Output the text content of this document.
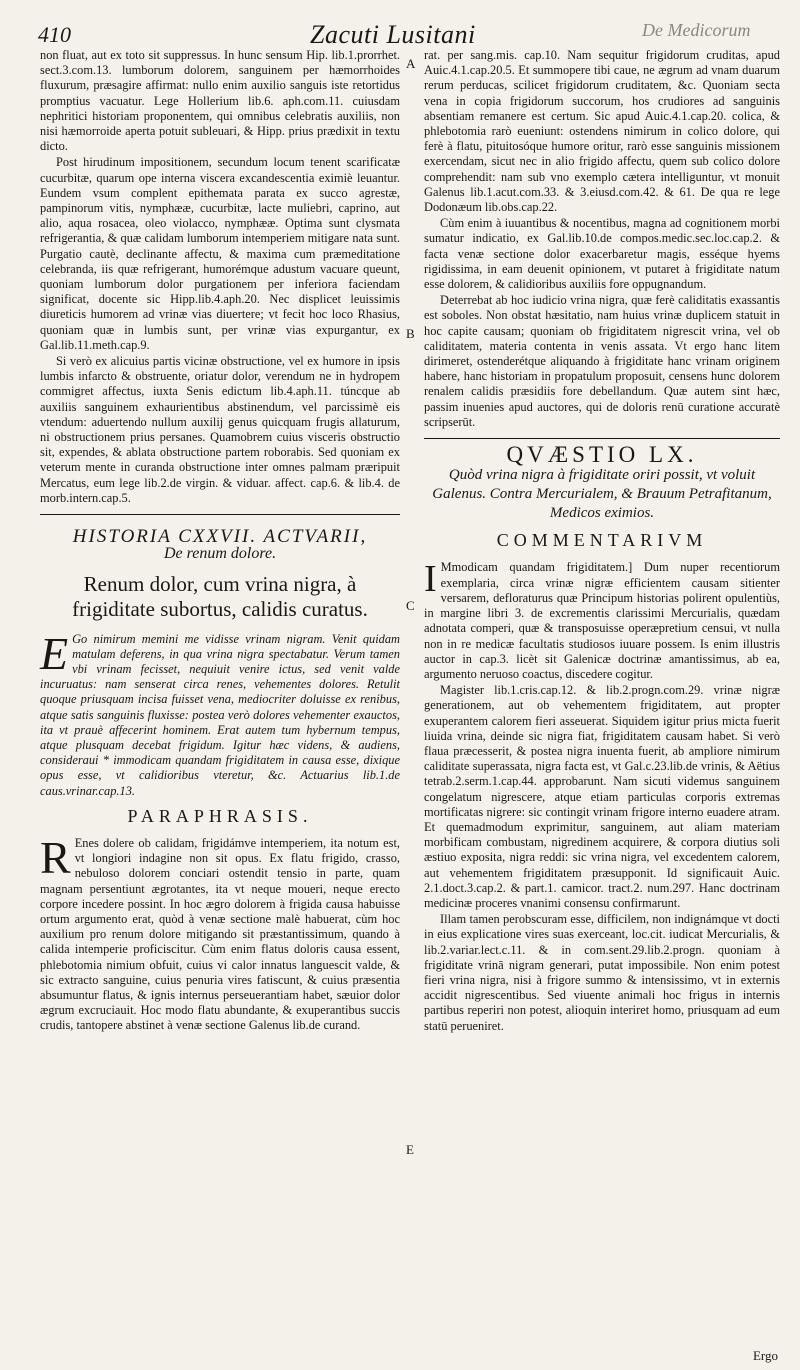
410	Zacuti Lusitani	De Medicorum
A
B
C
E

non fluat, aut ex toto sit suppressus. In hunc sensum Hip. lib.1.prorrhet. sect.3.com.13. lumborum dolorem, sanguinem per hæmorrhoides fluxurum, præsagire affirmat: nullo enim auxilio sanguis iste retortidus promptius vacuatur. Lege Hollerium lib.6. aph.com.11. cuiusdam nephritici historiam proponentem, qui omnibus celebratis auxiliis, non nisi hæmorroide aperta potuit subleuari, & Hipp. prius prædixit in textu dicto.

Post hirudinum impositionem, secundum locum tenent scarificatæ cucurbitæ, quarum ope interna viscera excandescentia eximiè leuantur. Eundem vsum complent epithemata parata ex succo agrestæ, pampinorum vitis, nymphææ, cucurbitæ, lacte muliebri, caprino, aut alio, aqua rosacea, oleo violacco, nymphææ. Optima sunt clysmata refrigerantia, & quæ calidam lumborum intemperiem mitigare nata sunt. Purgatio cautè, declinante affectu, & maxima cum præmeditatione celebranda, iis quæ refrigerant, humorémque adustum vacuare queunt, quoniam lumborum dolor purgationem per inferiora faciendam significat, docente sic Hipp.lib.4.aph.20. Nec displicet leuissimis diureticis humorem ad vrinæ vias diuertere; vt fecit hoc loco Rhasius, quoniam quæ in lumbis sunt, per vrinæ vias expurgantur, ex Gal.lib.11.meth.cap.9.

Si verò ex alicuius partis vicinæ obstructione, vel ex humore in ipsis lumbis infarcto & obstruente, oriatur dolor, verendum ne in hydropem commigret affectus, iuxta Senis edictum lib.4.aph.11. túncque ab auxiliis sanguinem exhaurientibus abstinendum, vel parcissimè eis vtendum: aduertendo nullum auxilij genus quicquam frugis allaturum, ni obstructionem prius persanes. Quamobrem cuius visceris obstructio sit, expendes, & ablata obstructione partem roborabis. Sed quoniam ex veterum mente in curanda obstructione inter omnes palmam præripuit Mercatus, eum lege lib.2.de virgin. & viduar. affect. cap.6. & lib.4. de morb.intern.cap.5.

HISTORIA CXXVII. ACTVARII,
De renum dolore.
Renum dolor, cum vrina nigra, à frigiditate subortus, calidis curatus.

E Go nimirum memini me vidisse vrinam nigram. Venit quidam matulam deferens, in qua vrina nigra spectabatur. Verum tamen vbi vrinam fecisset, nequiuit venire ictus, sed venit valde incuruatus: nam senserat circa renes, vehementes dolores. Retulit quoque priusquam incisa fuisset vena, mediocriter doluisse ex renibus, atque satis sanguinis fluxisse: postea verò dolores vehementer exauctos, ita vt prauè affecerint hominem. Erat autem tum hybernum tempus, atque plusquam decebat frigidum. Igitur hæc videns, & audiens, consideraui * immodicam quandam frigiditatem in causa esse, dixique opus esse, vt calidioribus vteretur, &c. Actuarius lib.1.de caus.vrinar.cap.13.

PARAPHRASIS.

R Enes dolere ob calidam, frigidámve intemperiem, ita notum est, vt longiori indagine non sit opus. Ex flatu frigido, crasso, nebuloso dolorem conciari ostendit tensio in parte, quam magnam persentiunt ægrotantes, ita vt neque moueri, neque erecto corpore incedere possint. In hoc ægro dolorem à frigida causa habuisse ortum argumento erat, quòd à venæ sectione malè habuerat, cùm hoc auxilium pro renum dolore mitigando sit præstantissimum, quando à calida intemperie proficiscitur. Cùm enim flatus doloris causa essent, phlebotomia nimium obfuit, cuius vi calor innatus languescit valde, & sic extracto sanguine, cuius penuria vires fatiscunt, & cuius præsentia absumuntur flatus, & ignis internus perseuerantiam habet, sæuior dolor ægrum excruciauit. Hoc modo flatu abundante, & exuperantibus succis crudis, tantopere abstinet à venæ sectione Galenus lib.de curand.

rat. per sang.mis. cap.10. Nam sequitur frigidorum cruditas, apud Auic.4.1.cap.20.5. Et summopere tibi caue, ne ægrum ad vnam duarum rerum perducas, scilicet frigidorum cruditatem, &c. Quoniam secta vena in copia frigidorum succorum, hos crudiores ad sanguinis absentiam remanere est certum. Sic apud Auic.4.1.cap.20. colica, & phlebotomia rarò eueniunt: ostendens nimirum in colico dolore, qui ferè à flatu, pituitosóque humore oritur, rarò esse sanguinis missionem exercendam, sicut nec in alio frigido affectu, quem sub colico dolore comprehendit: nam sub vno exemplo cætera intelliguntur, vt monuit Galenus lib.1.acut.com.33. & 3.eiusd.com.42. & 61. De qua re lege Dodonæum lib.obs.cap.22.

Cùm enim à iuuantibus & nocentibus, magna ad cognitionem morbi sumatur indicatio, ex Gal.lib.10.de compos.medic.sec.loc.cap.2. & facta venæ sectione dolor exacerbaretur magis, esséque hyems rigidissima, in eam deuenit opinionem, vt putaret à frigiditate natum esse dolorem, & calidioribus auxiliis fore oppugnandum.

Deterrebat ab hoc iudicio vrina nigra, quæ ferè caliditatis exassantis est soboles. Non obstat hæsitatio, nam huius vrinæ duplicem statuit in hoc capite causam; quoniam ob frigiditatem nigrescit vrina, vel ob caliditatem, materia contenta in venis assata. Vt ergo hanc litem dirimeret, ostenderétque aliquando à frigiditate hanc vrinam originem habere, hanc historiam in propatulum proposuit, censens hunc dolorem renalem calidis præsidiis fore debellandum. Quæ autem sint hæc, passim inuenies apud auctores, qui de doloris renū curatione accuratè scripserūt.

QVÆSTIO LX.
Quòd vrina nigra à frigiditate oriri possit, vt voluit Galenus. Contra Mercurialem, & Brauum Petrafitanum, Medicos eximios.
COMMENTARIVM

I Mmodicam quandam frigiditatem.] Dum nuper recentiorum exemplaria, circa vrinæ nigræ efficientem causam sitienter versarem, defloraturus quæ Principum historias polirent opulentiùs, in margine libri 3. de excrementis clarissimi Mercurialis, quædam adnotata comperi, quæ & transposuisse operæpretium censui, vt nulla non in re medicæ facultatis studiosos iuuare possem. Is enim illustris auctor in cap.3. licèt sit Galenicæ doctrinæ amantissimus, ab ea, argumento neruoso coactus, discedere cogitur.

Magister lib.1.cris.cap.12. & lib.2.progn.com.29. vrinæ nigræ generationem, aut ob vehementem frigiditatem, aut propter exuperantem calorem fieri asseuerat. Siquidem igitur prius micta fuerit liuida vrina, deinde sic nigra fiat, frigiditatem causam habet. Si verò flaua præcesserit, & postea nigra inuenta fuerit, ab ampliore nimirum caliditate superassata, nigra facta est, vt Gal.c.23.lib.de vrinis, & Aëtius tetrab.2.serm.1.cap.44. approbarunt. Nam sicuti videmus sanguinem congelatum nigrescere, atque etiam particulas corporis extremas mortificatas nigrere: sic contingit vrinam frigore interno euadere atram. Et quemadmodum exprimitur, sanguinem, aut aliam materiam morbificam combustam, nigredinem acquirere, & corpora diutius soli æstiuo exposita, nigra reddi: sic vrina nigra, vel excedentem calorem, aut vehementem frigiditatem præsupponit. Id significauit Auic. 2.1.doct.3.cap.2. & part.1. camicor. tract.2. num.297. Hanc doctrinam medicinæ proceres vnanimi consensu confirmarunt.

Illam tamen perobscuram esse, difficilem, non indignámque vt docti in eius explicatione vires suas exerceant, loc.cit. iudicat Mercurialis, & lib.2.variar.lect.c.11. & in com.sent.29.lib.2.progn. quoniam à frigiditate vrinā nigram generari, putat impossibile. Non enim potest fieri vrina nigra, nisi à frigore summo & intensissimo, vt in externis accidit nigrescentibus. Sed viuente animali hoc frigus in internis partibus reperiri non potest, alioquin interiret homo, priusquam ad eum statū perueniret.

Ergo
